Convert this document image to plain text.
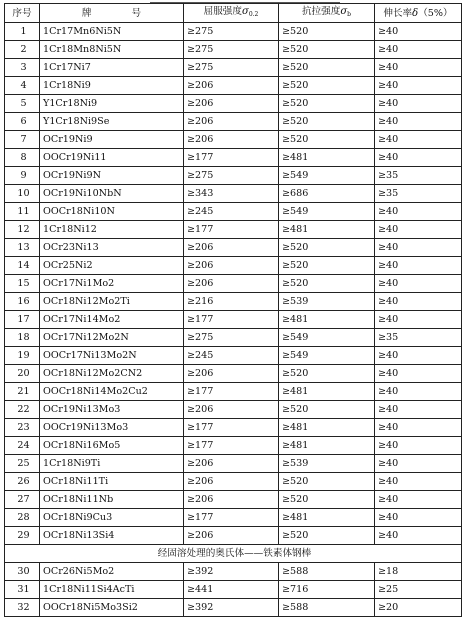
序号	牌 号	屈服强度$\sigma_{0.2}$	抗拉强度$\sigma_b$	伸长率δ（5%）
1	1Cr17Mn6Ni5N	≥275	≥520	≥40
2	1Cr18Mn8Ni5N	≥275	≥520	≥40
3	1Cr17Ni7	≥275	≥520	≥40
4	1Cr18Ni9	≥206	≥520	≥40
5	Y1Cr18Ni9	≥206	≥520	≥40
6	Y1Cr18Ni9Se	≥206	≥520	≥40
7	OCr19Ni9	≥206	≥520	≥40
8	OOCr19Ni11	≥177	≥481	≥40
9	OCr19Ni9N	≥275	≥549	≥35
10	OCr19Ni10NbN	≥343	≥686	≥35
11	OOCr18Ni10N	≥245	≥549	≥40
12	1Cr18Ni12	≥177	≥481	≥40
13	OCr23Ni13	≥206	≥520	≥40
14	OCr25Ni2	≥206	≥520	≥40
15	OCr17Ni1Mo2	≥206	≥520	≥40
16	OCr18Ni12Mo2Ti	≥216	≥539	≥40
17	OCr17Ni14Mo2	≥177	≥481	≥40
18	OCr17Ni12Mo2N	≥275	≥549	≥35
19	OOCr17Ni13Mo2N	≥245	≥549	≥40
20	OCr18Ni12Mo2CN2	≥206	≥520	≥40
21	OOCr18Ni14Mo2Cu2	≥177	≥481	≥40
22	OCr19Ni13Mo3	≥206	≥520	≥40
23	OOCr19Ni13Mo3	≥177	≥481	≥40
24	OCr18Ni16Mo5	≥177	≥481	≥40
25	1Cr18Ni9Ti	≥206	≥539	≥40
26	OCr18Ni11Ti	≥206	≥520	≥40
27	OCr18Ni11Nb	≥206	≥520	≥40
28	OCr18Ni9Cu3	≥177	≥481	≥40
29	OCr18Ni13Si4	≥206	≥520	≥40
经固溶处理的奥氏体——铁素体钢棒				
30	OCr26Ni5Mo2	≥392	≥588	≥18
31	1Cr18Ni11Si4AcTi	≥441	≥716	≥25
32	OOCr18Ni5Mo3Si2	≥392	≥588	≥20
